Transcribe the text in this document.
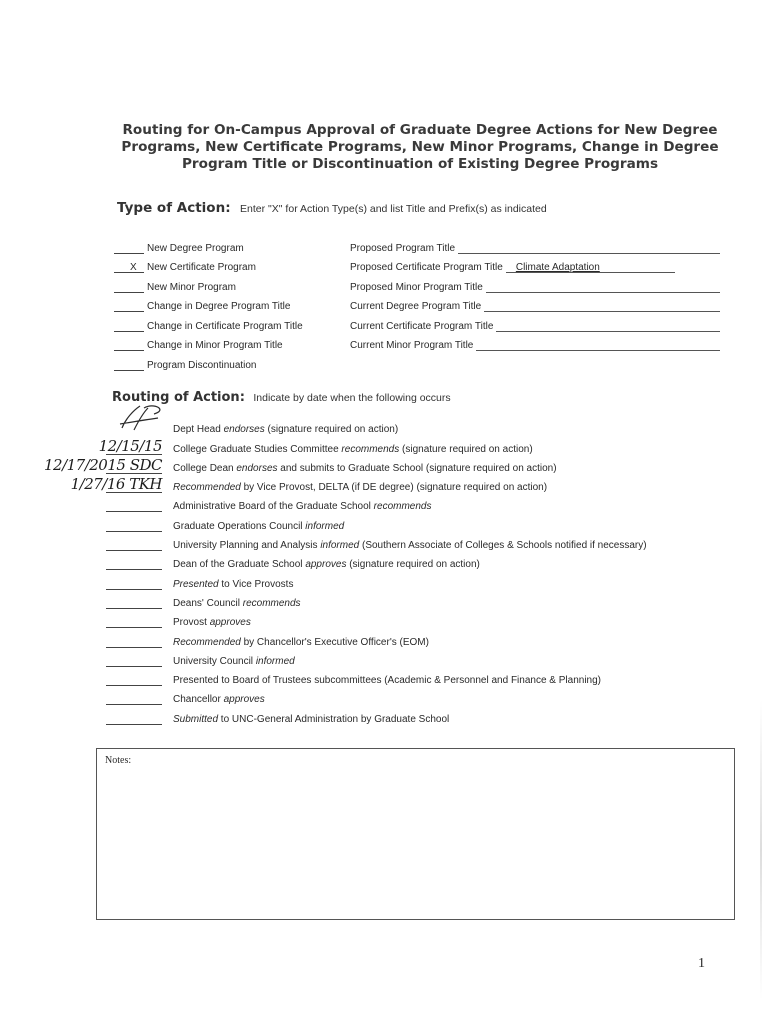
Routing for On-Campus Approval of Graduate Degree Actions for New Degree
Programs, New Certificate Programs, New Minor Programs, Change in Degree
Program Title or Discontinuation of Existing Degree Programs
Type of Action: Enter "X" for Action Type(s) and list Title and Prefix(s) as indicated
New Degree Program
X New Certificate Program
New Minor Program
Change in Degree Program Title
Change in Certificate Program Title
Change in Minor Program Title
Program Discontinuation
Proposed Program Title
Proposed Certificate Program Title Climate Adaptation
Proposed Minor Program Title
Current Degree Program Title
Current Certificate Program Title
Current Minor Program Title
Routing of Action: Indicate by date when the following occurs
Dept Head endorses (signature required on action)
12/15/15 College Graduate Studies Committee recommends (signature required on action)
12/17/2015 SDC College Dean endorses and submits to Graduate School (signature required on action)
1/27/16 TKH Recommended by Vice Provost, DELTA (if DE degree) (signature required on action)
Administrative Board of the Graduate School recommends
Graduate Operations Council informed
University Planning and Analysis informed (Southern Associate of Colleges & Schools notified if necessary)
Dean of the Graduate School approves (signature required on action)
Presented to Vice Provosts
Deans' Council recommends
Provost approves
Recommended by Chancellor's Executive Officer's (EOM)
University Council informed
Presented to Board of Trustees subcommittees (Academic & Personnel and Finance & Planning)
Chancellor approves
Submitted to UNC-General Administration by Graduate School
Notes:
1
